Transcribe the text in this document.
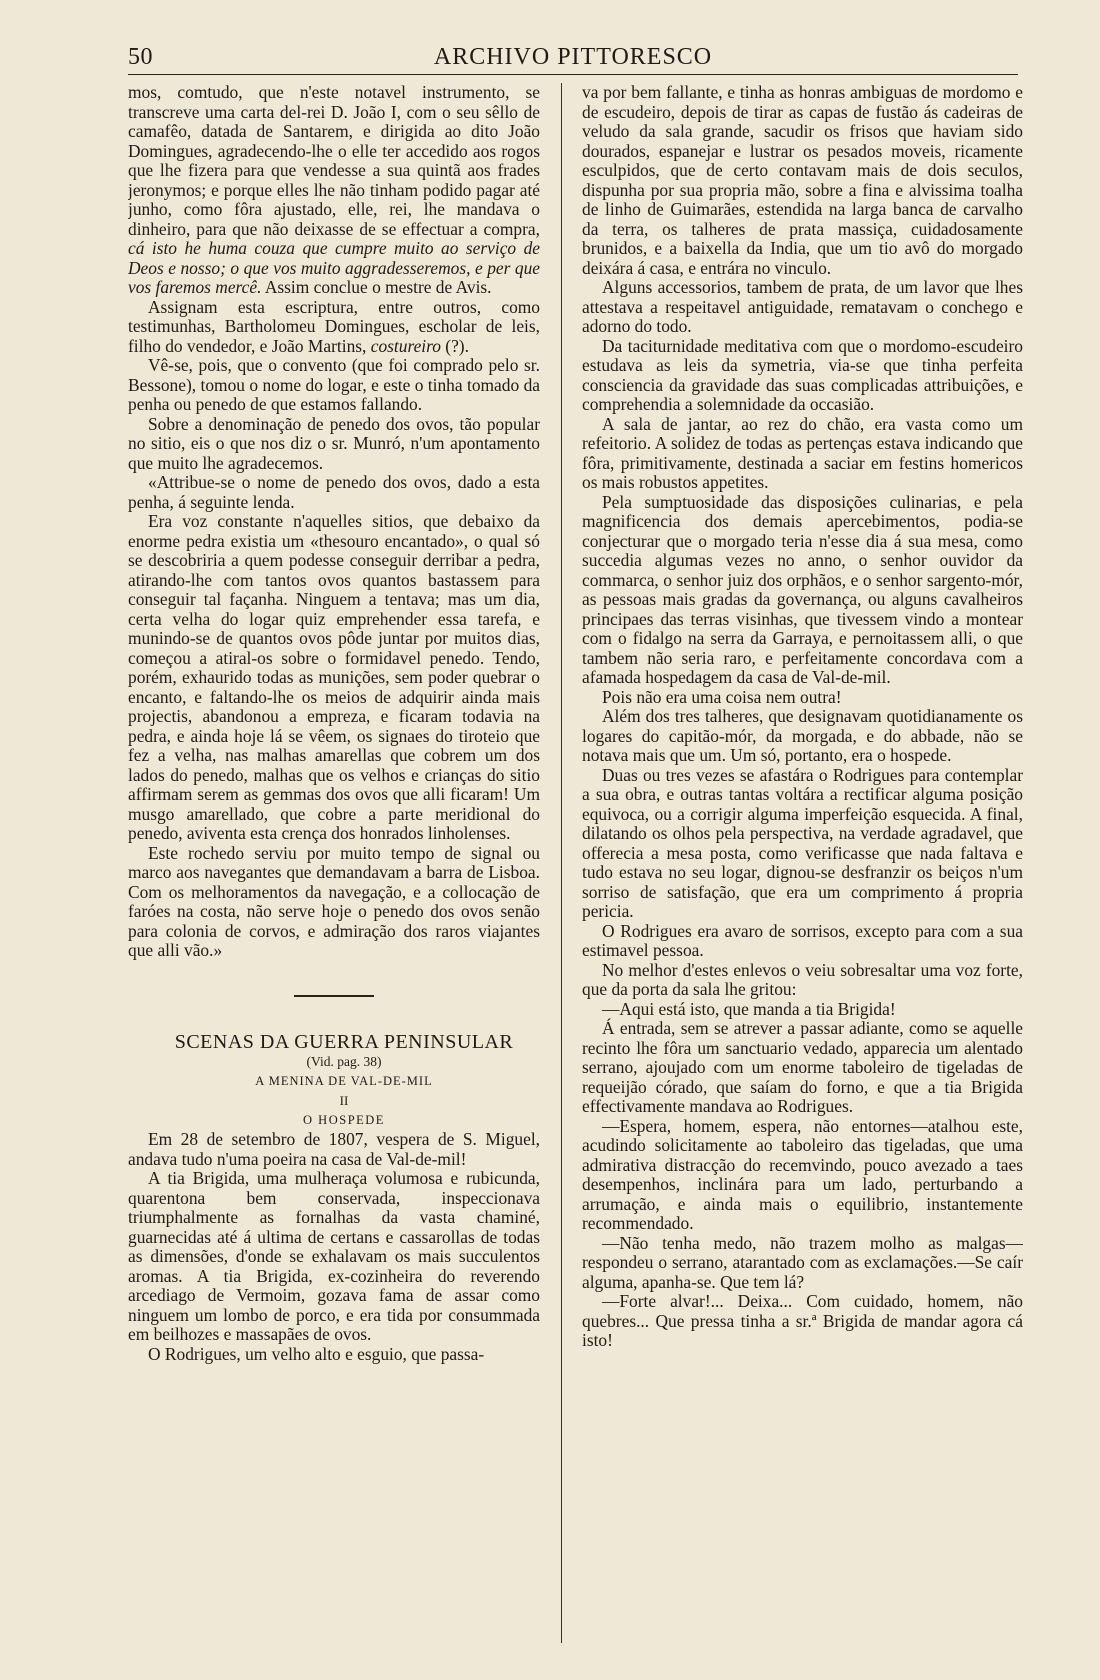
50	ARCHIVO PITTORESCO

mos, comtudo, que n'este notavel instrumento, se transcreve uma carta del-rei D. João I, com o seu sêllo de camafêo, datada de Santarem, e dirigida ao dito João Domingues, agradecendo-lhe o elle ter accedido aos rogos que lhe fizera para que vendesse a sua quintã aos frades jeronymos; e porque elles lhe não tinham podido pagar até junho, como fôra ajustado, elle, rei, lhe mandava o dinheiro, para que não deixasse de se effectuar a compra, cá isto he huma couza que cumpre muito ao serviço de Deos e nosso; o que vos muito aggradesseremos, e per que vos faremos mercê. Assim conclue o mestre de Avis.

Assignam esta escriptura, entre outros, como testimunhas, Bartholomeu Domingues, escholar de leis, filho do vendedor, e João Martins, costureiro (?).

Vê-se, pois, que o convento (que foi comprado pelo sr. Bessone), tomou o nome do logar, e este o tinha tomado da penha ou penedo de que estamos fallando.

Sobre a denominação de penedo dos ovos, tão popular no sitio, eis o que nos diz o sr. Munró, n'um apontamento que muito lhe agradecemos.

«Attribue-se o nome de penedo dos ovos, dado a esta penha, á seguinte lenda.

Era voz constante n'aquelles sitios, que debaixo da enorme pedra existia um «thesouro encantado», o qual só se descobriria a quem podesse conseguir derribar a pedra, atirando-lhe com tantos ovos quantos bastassem para conseguir tal façanha. Ninguem a tentava; mas um dia, certa velha do logar quiz emprehender essa tarefa, e munindo-se de quantos ovos pôde juntar por muitos dias, começou a atiral-os sobre o formidavel penedo. Tendo, porém, exhaurido todas as munições, sem poder quebrar o encanto, e faltando-lhe os meios de adquirir ainda mais projectis, abandonou a empreza, e ficaram todavia na pedra, e ainda hoje lá se vêem, os signaes do tiroteio que fez a velha, nas malhas amarellas que cobrem um dos lados do penedo, malhas que os velhos e crianças do sitio affirmam serem as gemmas dos ovos que alli ficaram! Um musgo amarellado, que cobre a parte meridional do penedo, aviventa esta crença dos honrados linholenses.

Este rochedo serviu por muito tempo de signal ou marco aos navegantes que demandavam a barra de Lisboa. Com os melhoramentos da navegação, e a collocação de faróes na costa, não serve hoje o penedo dos ovos senão para colonia de corvos, e admiração dos raros viajantes que alli vão.»

SCENAS DA GUERRA PENINSULAR

(Vid. pag. 38)

A MENINA DE VAL-DE-MIL

II

O HOSPEDE

Em 28 de setembro de 1807, vespera de S. Miguel, andava tudo n'uma poeira na casa de Val-de-mil!

A tia Brigida, uma mulheraça volumosa e rubicunda, quarentona bem conservada, inspeccionava triumphalmente as fornalhas da vasta chaminé, guarnecidas até á ultima de certans e cassarollas de todas as dimensões, d'onde se exhalavam os mais succulentos aromas. A tia Brigida, ex-cozinheira do reverendo arcediago de Vermoim, gozava fama de assar como ninguem um lombo de porco, e era tida por consummada em beilhozes e massapães de ovos.

O Rodrigues, um velho alto e esguio, que passa-

va por bem fallante, e tinha as honras ambiguas de mordomo e de escudeiro, depois de tirar as capas de fustão ás cadeiras de veludo da sala grande, sacudir os frisos que haviam sido dourados, espanejar e lustrar os pesados moveis, ricamente esculpidos, que de certo contavam mais de dois seculos, dispunha por sua propria mão, sobre a fina e alvissima toalha de linho de Guimarães, estendida na larga banca de carvalho da terra, os talheres de prata massiça, cuidadosamente brunidos, e a baixella da India, que um tio avô do morgado deixára á casa, e entrára no vinculo.

Alguns accessorios, tambem de prata, de um lavor que lhes attestava a respeitavel antiguidade, rematavam o conchego e adorno do todo.

Da taciturnidade meditativa com que o mordomo-escudeiro estudava as leis da symetria, via-se que tinha perfeita consciencia da gravidade das suas complicadas attribuições, e comprehendia a solemnidade da occasião.

A sala de jantar, ao rez do chão, era vasta como um refeitorio. A solidez de todas as pertenças estava indicando que fôra, primitivamente, destinada a saciar em festins homericos os mais robustos appetites.

Pela sumptuosidade das disposições culinarias, e pela magnificencia dos demais apercebimentos, podia-se conjecturar que o morgado teria n'esse dia á sua mesa, como succedia algumas vezes no anno, o senhor ouvidor da commarca, o senhor juiz dos orphãos, e o senhor sargento-mór, as pessoas mais gradas da governança, ou alguns cavalheiros principaes das terras visinhas, que tivessem vindo a montear com o fidalgo na serra da Garraya, e pernoitassem alli, o que tambem não seria raro, e perfeitamente concordava com a afamada hospedagem da casa de Val-de-mil.

Pois não era uma coisa nem outra!

Além dos tres talheres, que designavam quotidianamente os logares do capitão-mór, da morgada, e do abbade, não se notava mais que um. Um só, portanto, era o hospede.

Duas ou tres vezes se afastára o Rodrigues para contemplar a sua obra, e outras tantas voltára a rectificar alguma posição equivoca, ou a corrigir alguma imperfeição esquecida. A final, dilatando os olhos pela perspectiva, na verdade agradavel, que offerecia a mesa posta, como verificasse que nada faltava e tudo estava no seu logar, dignou-se desfranzir os beiços n'um sorriso de satisfação, que era um comprimento á propria pericia.

O Rodrigues era avaro de sorrisos, excepto para com a sua estimavel pessoa.

No melhor d'estes enlevos o veiu sobresaltar uma voz forte, que da porta da sala lhe gritou:

—Aqui está isto, que manda a tia Brigida!

Á entrada, sem se atrever a passar adiante, como se aquelle recinto lhe fôra um sanctuario vedado, apparecia um alentado serrano, ajoujado com um enorme taboleiro de tigeladas de requeijão córado, que saíam do forno, e que a tia Brigida effectivamente mandava ao Rodrigues.

—Espera, homem, espera, não entornes—atalhou este, acudindo solicitamente ao taboleiro das tigeladas, que uma admirativa distracção do recemvindo, pouco avezado a taes desempenhos, inclinára para um lado, perturbando a arrumação, e ainda mais o equilibrio, instantemente recommendado.

—Não tenha medo, não trazem molho as malgas—respondeu o serrano, atarantado com as exclamações.—Se caír alguma, apanha-se. Que tem lá?

—Forte alvar!... Deixa... Com cuidado, homem, não quebres... Que pressa tinha a sr.ª Brigida de mandar agora cá isto!
